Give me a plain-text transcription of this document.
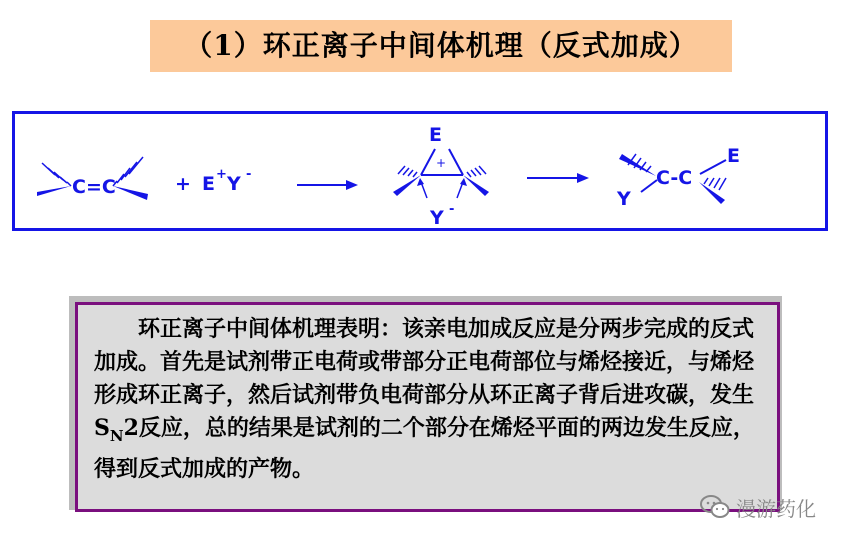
（1）环正离子中间体机理（反式加成）
C=C	+ E + Y -
E
+
Y -
C-C
E
Y

环正离子中间体机理表明：该亲电加成反应是分两步完成的反式加成。首先是试剂带正电荷或带部分正电荷部位与烯烃接近，与烯烃形成环正离子，然后试剂带负电荷部分从环正离子背后进攻碳，发生$S_N2$反应，总的结果是试剂的二个部分在烯烃平面的两边发生反应，得到反式加成的产物。

漫游药化
